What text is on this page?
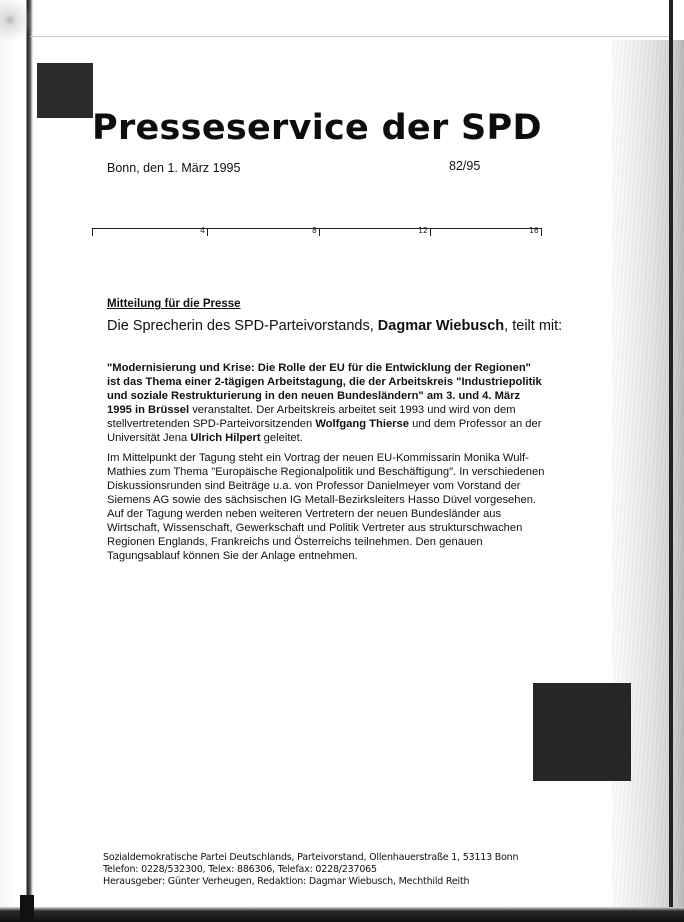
Presseservice der SPD
Bonn, den 1. März 1995	82/95
4	8	12	16

Mitteilung für die Presse

Die Sprecherin des SPD-Parteivorstands, Dagmar Wiebusch, teilt mit:

"Modernisierung und Krise: Die Rolle der EU für die Entwicklung der Regionen" ist das Thema einer 2-tägigen Arbeitstagung, die der Arbeitskreis "Industriepolitik und soziale Restrukturierung in den neuen Bundesländern" am 3. und 4. März 1995 in Brüssel veranstaltet. Der Arbeitskreis arbeitet seit 1993 und wird von dem stellvertretenden SPD-Parteivorsitzenden Wolfgang Thierse und dem Professor an der Universität Jena Ulrich Hilpert geleitet.

Im Mittelpunkt der Tagung steht ein Vortrag der neuen EU-Kommissarin Monika Wulf-Mathies zum Thema "Europäische Regionalpolitik und Beschäftigung". In verschiedenen Diskussionsrunden sind Beiträge u.a. von Professor Danielmeyer vom Vorstand der Siemens AG sowie des sächsischen IG Metall-Bezirksleiters Hasso Düvel vorgesehen. Auf der Tagung werden neben weiteren Vertretern der neuen Bundesländer aus Wirtschaft, Wissenschaft, Gewerkschaft und Politik Vertreter aus strukturschwachen Regionen Englands, Frankreichs und Österreichs teilnehmen. Den genauen Tagungsablauf können Sie der Anlage entnehmen.

Sozialdemokratische Partei Deutschlands, Parteivorstand, Ollenhauerstraße 1, 53113 Bonn
Telefon: 0228/532300, Telex: 886306, Telefax: 0228/237065
Herausgeber: Günter Verheugen, Redaktion: Dagmar Wiebusch, Mechthild Reith
